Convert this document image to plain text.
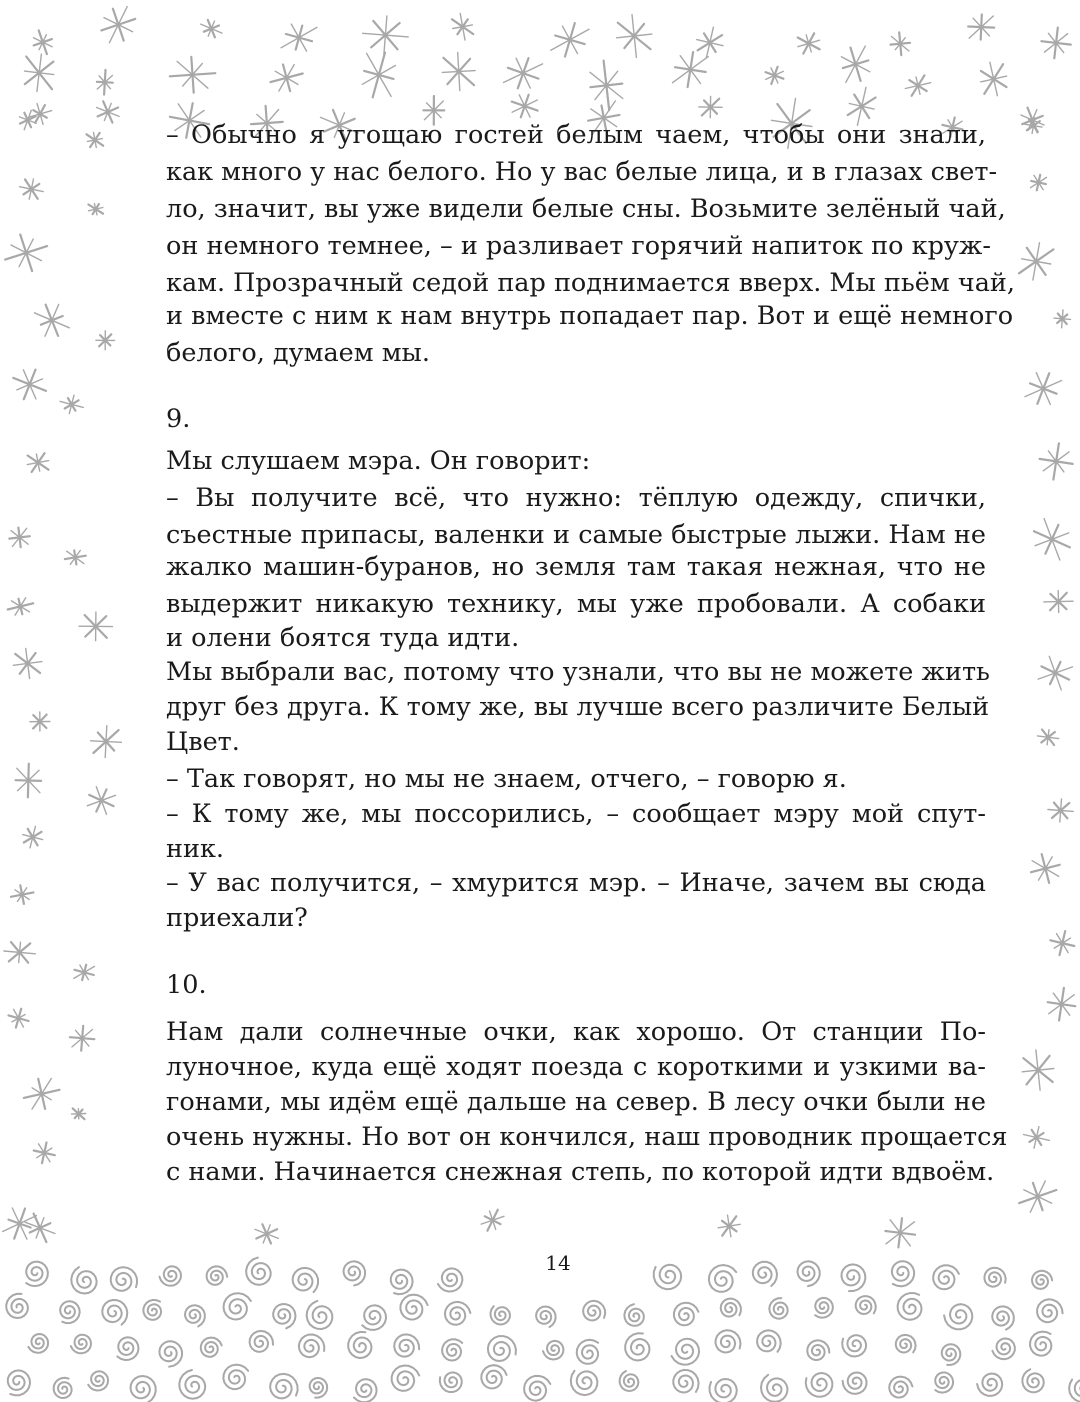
– Обычно я угощаю гостей белым чаем, чтобы они знали,
как много у нас белого. Но у вас белые лица, и в глазах свет-
ло, значит, вы уже видели белые сны. Возьмите зелёный чай,
он немного темнее, – и разливает горячий напиток по круж-
кам. Прозрачный седой пар поднимается вверх. Мы пьём чай,
и вместе с ним к нам внутрь попадает пар. Вот и ещё немного
белого, думаем мы.
9.
Мы слушаем мэра. Он говорит:
– Вы получите всё, что нужно: тёплую одежду, спички,
съестные припасы, валенки и самые быстрые лыжи. Нам не
жалко машин-буранов, но земля там такая нежная, что не
выдержит никакую технику, мы уже пробовали. А собаки
и олени боятся туда идти.
Мы выбрали вас, потому что узнали, что вы не можете жить
друг без друга. К тому же, вы лучше всего различите Белый
Цвет.
– Так говорят, но мы не знаем, отчего, – говорю я.
– К тому же, мы поссорились, – сообщает мэру мой спут-
ник.
– У вас получится, – хмурится мэр. – Иначе, зачем вы сюда
приехали?
10.
Нам дали солнечные очки, как хорошо. От станции По-
луночное, куда ещё ходят поезда с короткими и узкими ва-
гонами, мы идём ещё дальше на север. В лесу очки были не
очень нужны. Но вот он кончился, наш проводник прощается
с нами. Начинается снежная степь, по которой идти вдвоём.
14
